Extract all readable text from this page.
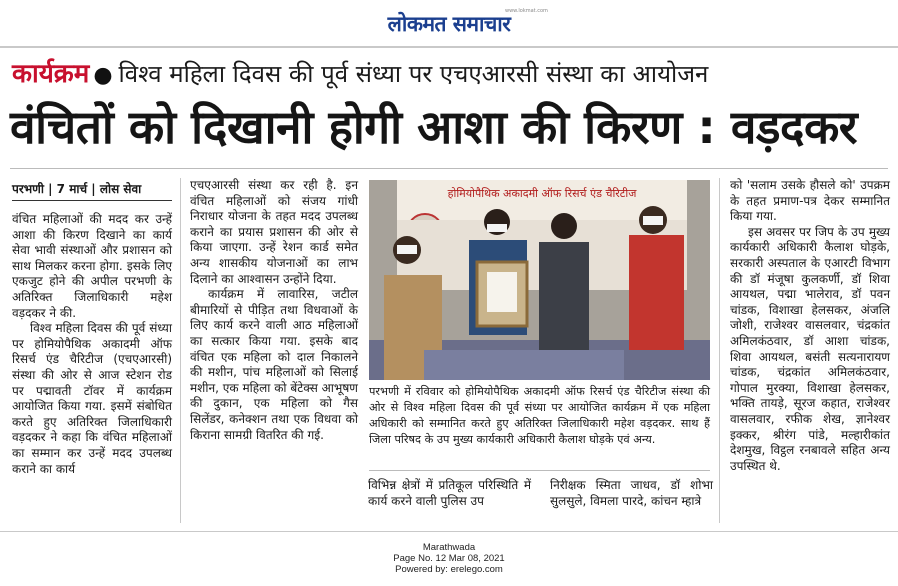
लोकमत समाचार
www.lokmat.com
कार्यक्रम ● विश्व महिला दिवस की पूर्व संध्या पर एचएआरसी संस्था का आयोजन
वंचितों को दिखानी होगी आशा की किरण : वड़दकर
परभणी | 7 मार्च | लोस सेवा

वंचित महिलाओं की मदद कर उन्हें आशा की किरण दिखाने का कार्य सेवा भावी संस्थाओं और प्रशासन को साथ मिलकर करना होगा. इसके लिए एकजुट होने की अपील परभणी के अतिरिक्त जिलाधिकारी महेश वड़दकर ने की.

विश्व महिला दिवस की पूर्व संध्या पर होमियोपैथिक अकादमी ऑफ रिसर्च एंड चैरिटीज (एचएआरसी) संस्था की ओर से आज स्टेशन रोड पर पद्मावती टॉवर में कार्यक्रम आयोजित किया गया. इसमें संबोधित करते हुए अतिरिक्त जिलाधिकारी वड़दकर ने कहा कि वंचित महिलाओं का सम्मान कर उन्हें मदद उपलब्ध कराने का कार्य

एचएआरसी संस्था कर रही है. इन वंचित महिलाओं को संजय गांधी निराधार योजना के तहत मदद उपलब्ध कराने का प्रयास प्रशासन की ओर से किया जाएगा. उन्हें रेशन कार्ड समेत अन्य शासकीय योजनाओं का लाभ दिलाने का आश्वासन उन्होंने दिया.

कार्यक्रम में लावारिस, जटील बीमारियों से पीड़ित तथा विधवाओं के लिए कार्य करने वाली आठ महिलाओं का सत्कार किया गया. इसके बाद वंचित एक महिला को दाल निकालने की मशीन, पांच महिलाओं को सिलाई मशीन, एक महिला को बेंटेक्स आभूषण की दुकान, एक महिला को गैस सिलेंडर, कनेक्शन तथा एक विधवा को किराना सामग्री वितरित की गई.

होमियोपैथिक अकादमी ऑफ रिसर्च एंड चैरिटीज
परभणी में रविवार को होमियोपैथिक अकादमी ऑफ रिसर्च एंड चैरिटीज संस्था की ओर से विश्व महिला दिवस की पूर्व संध्या पर आयोजित कार्यक्रम में एक महिला अधिकारी को सम्मानित करते हुए अतिरिक्त जिलाधिकारी महेश वड़दकर. साथ हैं जिला परिषद के उप मुख्य कार्यकारी अधिकारी कैलाश घोड़के एवं अन्य.
विभिन्न क्षेत्रों में प्रतिकूल परिस्थिति में कार्य करने वाली पुलिस उप
निरीक्षक स्मिता जाधव, डॉ शोभा सुलसुले, विमला पारदे, कांचन म्हात्रे

को 'सलाम उसके हौसले को' उपक्रम के तहत प्रमाण-पत्र देकर सम्मानित किया गया.

इस अवसर पर जिप के उप मुख्य कार्यकारी अधिकारी कैलाश घोड़के, सरकारी अस्पताल के एआरटी विभाग की डॉ मंजूषा कुलकर्णी, डॉ शिवा आयथल, पद्मा भालेराव, डॉ पवन चांडक, विशाखा हेलसकर, अंजलि जोशी, राजेश्वर वासलवार, चंद्रकांत अमिलकंठवार, डॉ आशा चांडक, शिवा आयथल, बसंती सत्यनारायण चांडक, चंद्रकांत अमिलकंठवार, गोपाल मुरक्या, विशाखा हेलसकर, भक्ति तायड़े, सूरज कहात, राजेश्वर वासलवार, रफीक शेख, ज्ञानेश्वर इक्कर, श्रीरंग पांडे, मल्हारीकांत देशमुख, विट्ठल रनबावले सहित अन्य उपस्थित थे.

Marathwada
Page No. 12 Mar 08, 2021
Powered by: erelego.com
